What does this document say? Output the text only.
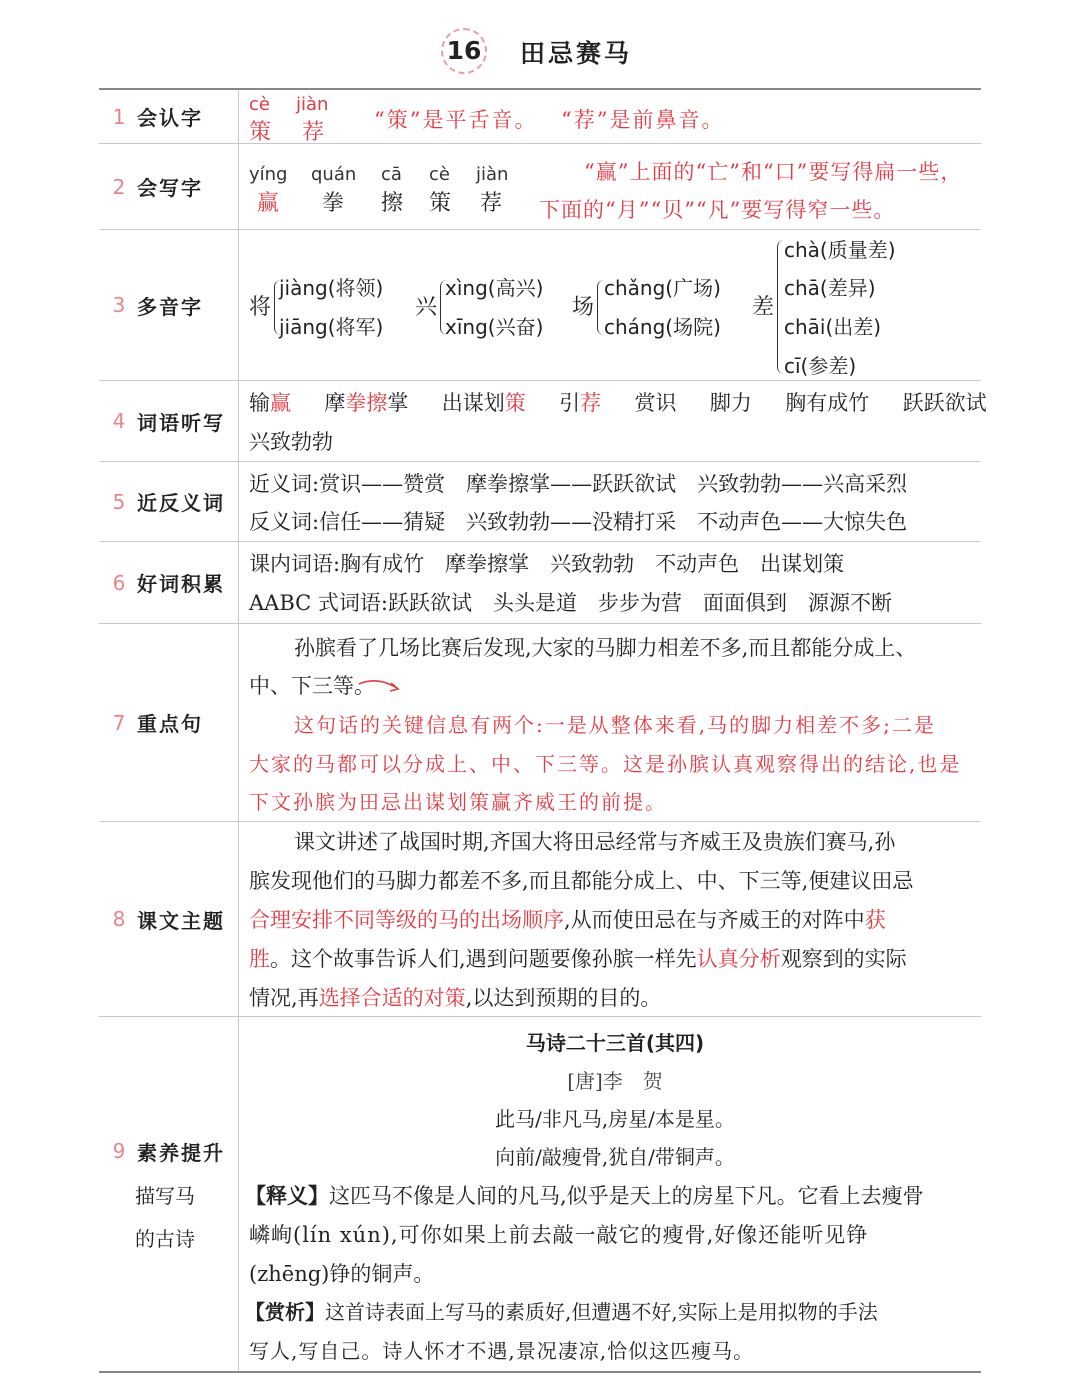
16 田忌赛马
1 会认字
cè
策
jiàn
荐 “策”是平舌音。 “荐”是前鼻音。
2 会写字
yíng
赢
quán
拳
cā
擦
cè
策
jiàn
荐
“赢”上面的“亡”和“口”要写得扁一些，
下面的“月”“贝”“凡”要写得窄一些。
3 多音字 将
jiàng(将领)
jiāng(将军)
兴
xìng(高兴)
xīng(兴奋)
场
chǎng(广场)
cháng(场院)
差
chà(质量差)
chā(差异)
chāi(出差)
cī(参差)
4 词语听写
输赢 摩拳擦掌 出谋划策 引荐 赏识 脚力 胸有成竹 跃跃欲试
兴致勃勃
5 近反义词
近义词:赏识——赞赏　摩拳擦掌——跃跃欲试　兴致勃勃——兴高采烈
反义词:信任——猜疑　兴致勃勃——没精打采　不动声色——大惊失色
6 好词积累
课内词语:胸有成竹　摩拳擦掌　兴致勃勃　不动声色　出谋划策
AABC 式词语:跃跃欲试　头头是道　步步为营　面面俱到　源源不断
7 重点句
孙膑看了几场比赛后发现,大家的马脚力相差不多,而且都能分成上、
中、下三等。
这句话的关键信息有两个:一是从整体来看,马的脚力相差不多;二是
大家的马都可以分成上、中、下三等。这是孙膑认真观察得出的结论,也是
下文孙膑为田忌出谋划策赢齐威王的前提。
8 课文主题
课文讲述了战国时期,齐国大将田忌经常与齐威王及贵族们赛马,孙
膑发现他们的马脚力都差不多,而且都能分成上、中、下三等,便建议田忌
合理安排不同等级的马的出场顺序,从而使田忌在与齐威王的对阵中获
胜。这个故事告诉人们,遇到问题要像孙膑一样先认真分析观察到的实际
情况,再选择合适的对策,以达到预期的目的。
9 素养提升
描写马
的古诗
马诗二十三首(其四)
[唐]李　贺
此马/非凡马,房星/本是星。
向前/敲瘦骨,犹自/带铜声。
【释义】这匹马不像是人间的凡马,似乎是天上的房星下凡。它看上去瘦骨
嶙峋(lín xún),可你如果上前去敲一敲它的瘦骨,好像还能听见铮
(zhēng)铮的铜声。
【赏析】这首诗表面上写马的素质好,但遭遇不好,实际上是用拟物的手法
写人,写自己。诗人怀才不遇,景况凄凉,恰似这匹瘦马。
